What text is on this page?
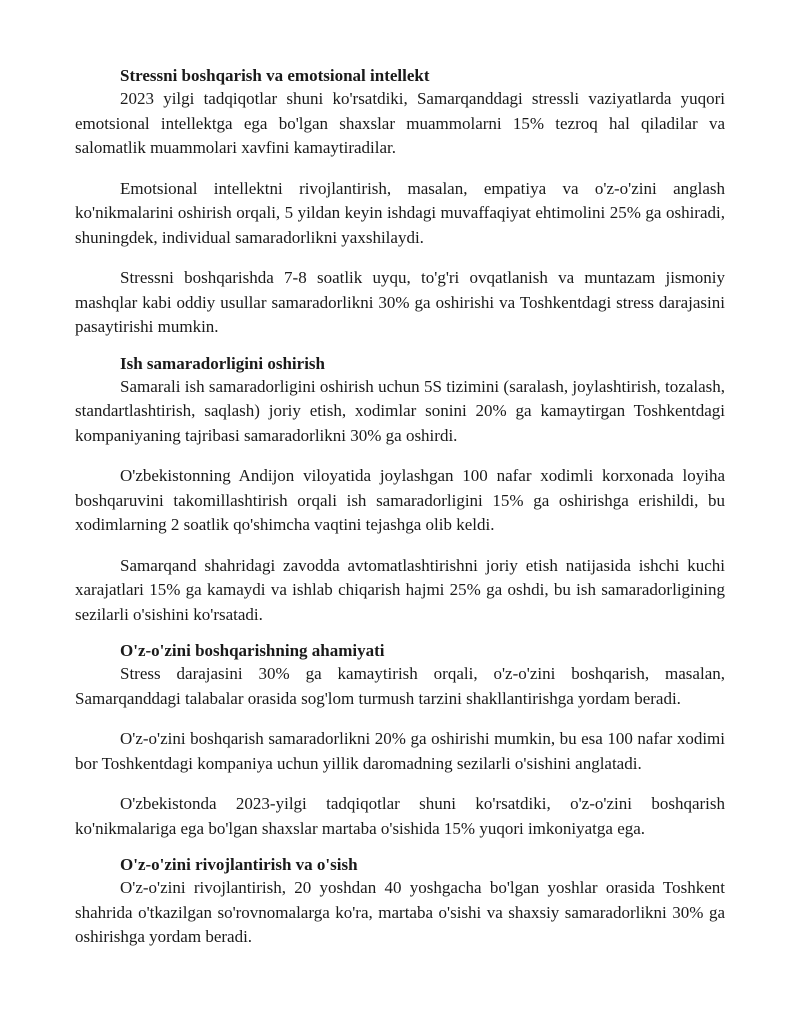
Stressni boshqarish va emotsional intellekt

2023 yilgi tadqiqotlar shuni ko'rsatdiki, Samarqanddagi stressli vaziyatlarda yuqori emotsional intellektga ega bo'lgan shaxslar muammolarni 15% tezroq hal qiladilar va salomatlik muammolari xavfini kamaytiradilar.

Emotsional intellektni rivojlantirish, masalan, empatiya va o'z-o'zini anglash ko'nikmalarini oshirish orqali, 5 yildan keyin ishdagi muvaffaqiyat ehtimolini 25% ga oshiradi, shuningdek, individual samaradorlikni yaxshilaydi.

Stressni boshqarishda 7-8 soatlik uyqu, to'g'ri ovqatlanish va muntazam jismoniy mashqlar kabi oddiy usullar samaradorlikni 30% ga oshirishi va Toshkentdagi stress darajasini pasaytirishi mumkin.

Ish samaradorligini oshirish

Samarali ish samaradorligini oshirish uchun 5S tizimini (saralash, joylashtirish, tozalash, standartlashtirish, saqlash) joriy etish, xodimlar sonini 20% ga kamaytirgan Toshkentdagi kompaniyaning tajribasi samaradorlikni 30% ga oshirdi.

O'zbekistonning Andijon viloyatida joylashgan 100 nafar xodimli korxonada loyiha boshqaruvini takomillashtirish orqali ish samaradorligini 15% ga oshirishga erishildi, bu xodimlarning 2 soatlik qo'shimcha vaqtini tejashga olib keldi.

Samarqand shahridagi zavodda avtomatlashtirishni joriy etish natijasida ishchi kuchi xarajatlari 15% ga kamaydi va ishlab chiqarish hajmi 25% ga oshdi, bu ish samaradorligining sezilarli o'sishini ko'rsatadi.

O'z-o'zini boshqarishning ahamiyati

Stress darajasini 30% ga kamaytirish orqali, o'z-o'zini boshqarish, masalan, Samarqanddagi talabalar orasida sog'lom turmush tarzini shakllantirishga yordam beradi.

O'z-o'zini boshqarish samaradorlikni 20% ga oshirishi mumkin, bu esa 100 nafar xodimi bor Toshkentdagi kompaniya uchun yillik daromadning sezilarli o'sishini anglatadi.

O'zbekistonda 2023-yilgi tadqiqotlar shuni ko'rsatdiki, o'z-o'zini boshqarish ko'nikmalariga ega bo'lgan shaxslar martaba o'sishida 15% yuqori imkoniyatga ega.

O'z-o'zini rivojlantirish va o'sish

O'z-o'zini rivojlantirish, 20 yoshdan 40 yoshgacha bo'lgan yoshlar orasida Toshkent shahrida o'tkazilgan so'rovnomalarga ko'ra, martaba o'sishi va shaxsiy samaradorlikni 30% ga oshirishga yordam beradi.
